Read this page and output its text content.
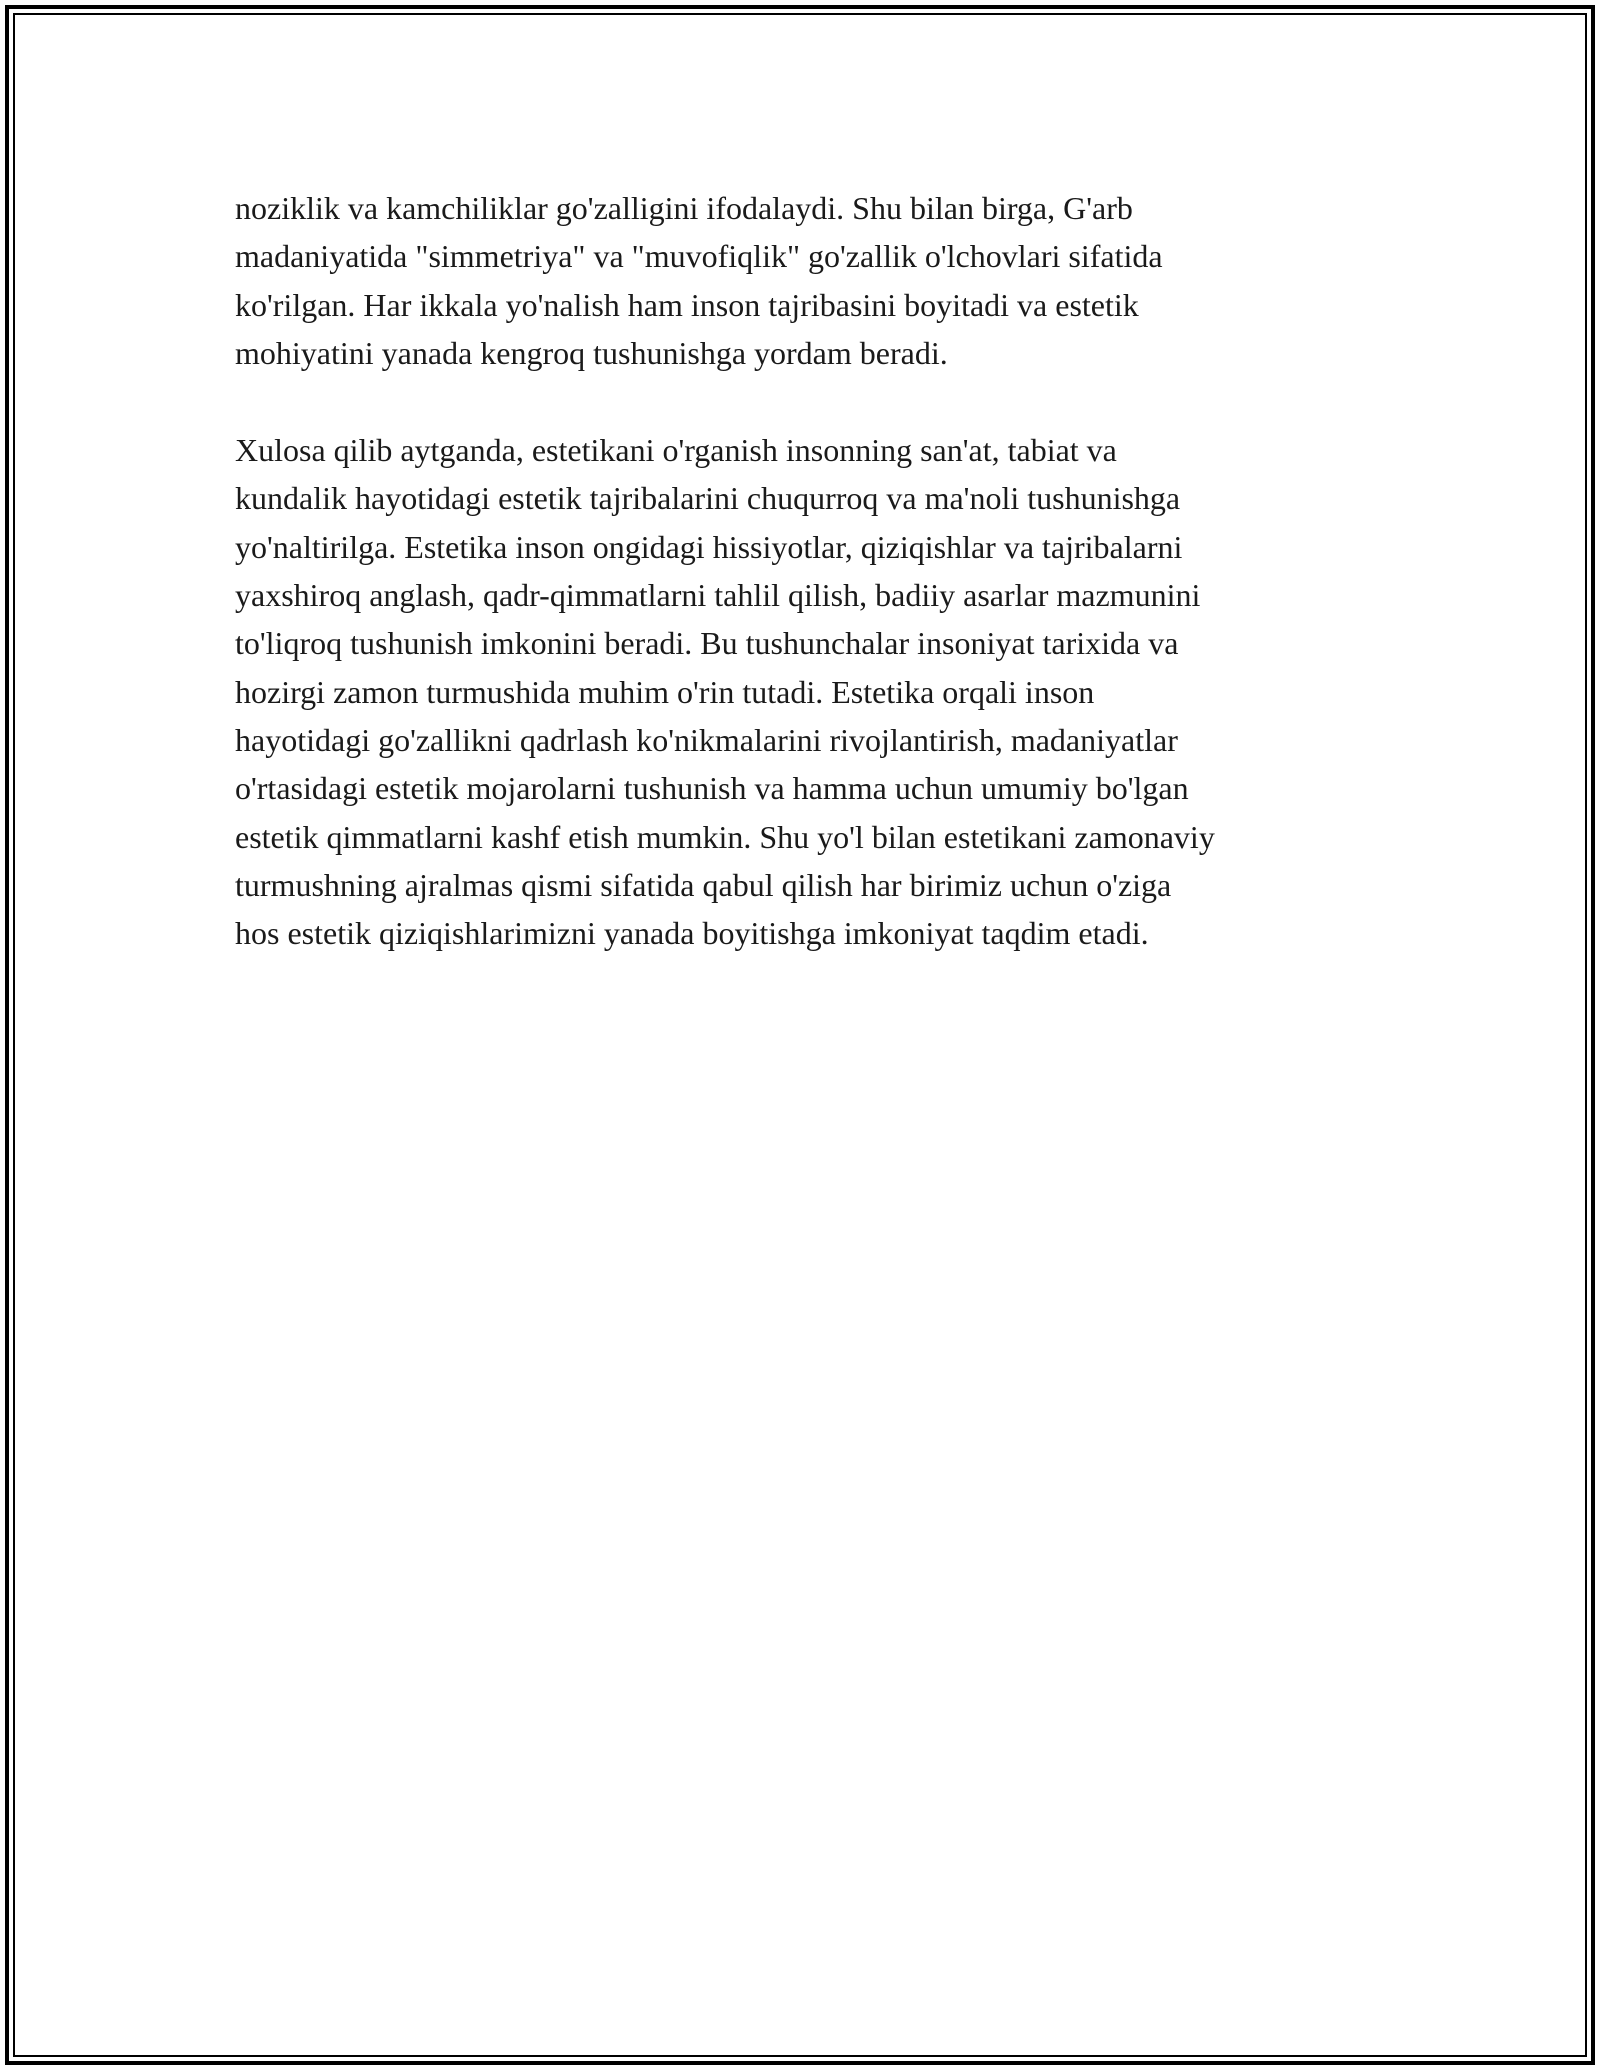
noziklik va kamchiliklar go'zalligini ifodalaydi. Shu bilan birga, G'arb
madaniyatida "simmetriya" va "muvofiqlik" go'zallik o'lchovlari sifatida
ko'rilgan. Har ikkala yo'nalish ham inson tajribasini boyitadi va estetik
mohiyatini yanada kengroq tushunishga yordam beradi.

Xulosa qilib aytganda, estetikani o'rganish insonning san'at, tabiat va
kundalik hayotidagi estetik tajribalarini chuqurroq va ma'noli tushunishga
yo'naltirilga. Estetika inson ongidagi hissiyotlar, qiziqishlar va tajribalarni
yaxshiroq anglash, qadr-qimmatlarni tahlil qilish, badiiy asarlar mazmunini
to'liqroq tushunish imkonini beradi. Bu tushunchalar insoniyat tarixida va
hozirgi zamon turmushida muhim o'rin tutadi. Estetika orqali inson
hayotidagi go'zallikni qadrlash ko'nikmalarini rivojlantirish, madaniyatlar
o'rtasidagi estetik mojarolarni tushunish va hamma uchun umumiy bo'lgan
estetik qimmatlarni kashf etish mumkin. Shu yo'l bilan estetikani zamonaviy
turmushning ajralmas qismi sifatida qabul qilish har birimiz uchun o'ziga
hos estetik qiziqishlarimizni yanada boyitishga imkoniyat taqdim etadi.
